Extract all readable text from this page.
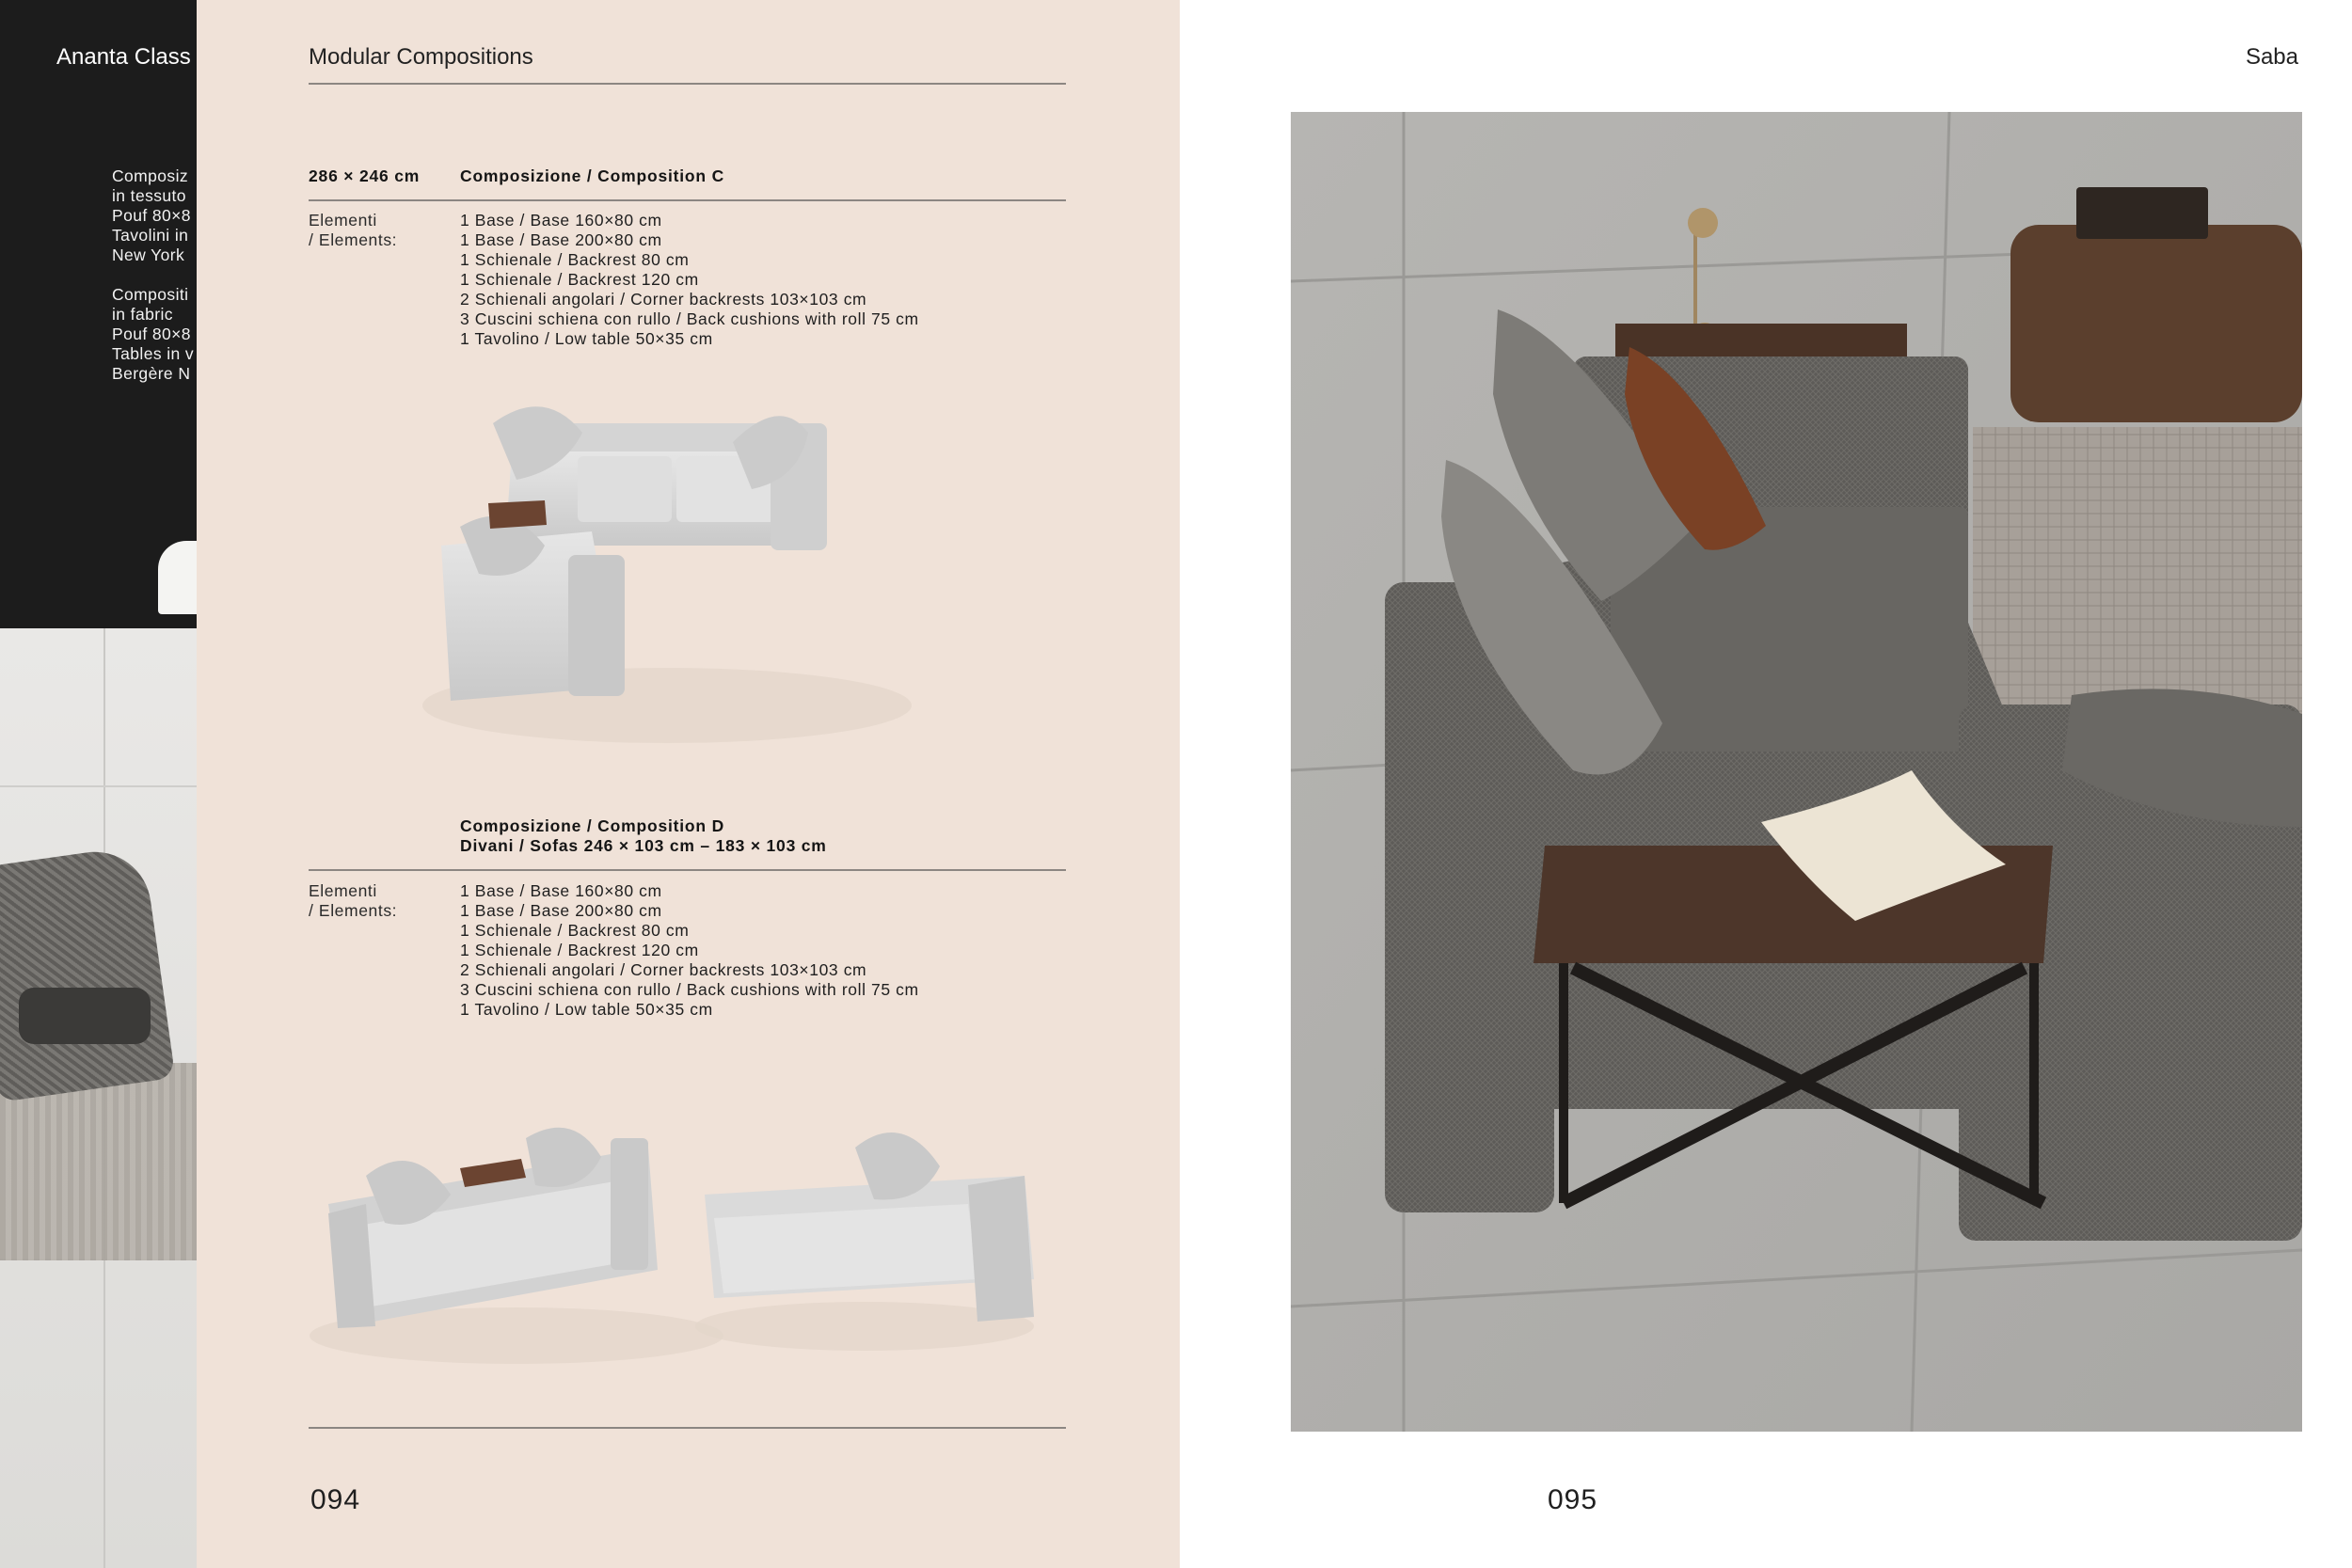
Ananta Class

Composiz
in tessuto
Pouf 80×8
Tavolini in
New York

Compositi
in fabric
Pouf 80×8
Tables in v
Bergère N

Modular Compositions
286 × 246 cm Composizione / Composition C
Elementi
/ Elements:
1 Base / Base 160×80 cm
1 Base / Base 200×80 cm
1 Schienale / Backrest 80 cm
1 Schienale / Backrest 120 cm
2 Schienali angolari / Corner backrests 103×103 cm
3 Cuscini schiena con rullo / Back cushions with roll 75 cm
1 Tavolino / Low table 50×35 cm
Composizione / Composition D
Divani / Sofas 246 × 103 cm – 183 × 103 cm
Elementi
/ Elements:
1 Base / Base 160×80 cm
1 Base / Base 200×80 cm
1 Schienale / Backrest 80 cm
1 Schienale / Backrest 120 cm
2 Schienali angolari / Corner backrests 103×103 cm
3 Cuscini schiena con rullo / Back cushions with roll 75 cm
1 Tavolino / Low table 50×35 cm
094
Saba
095
